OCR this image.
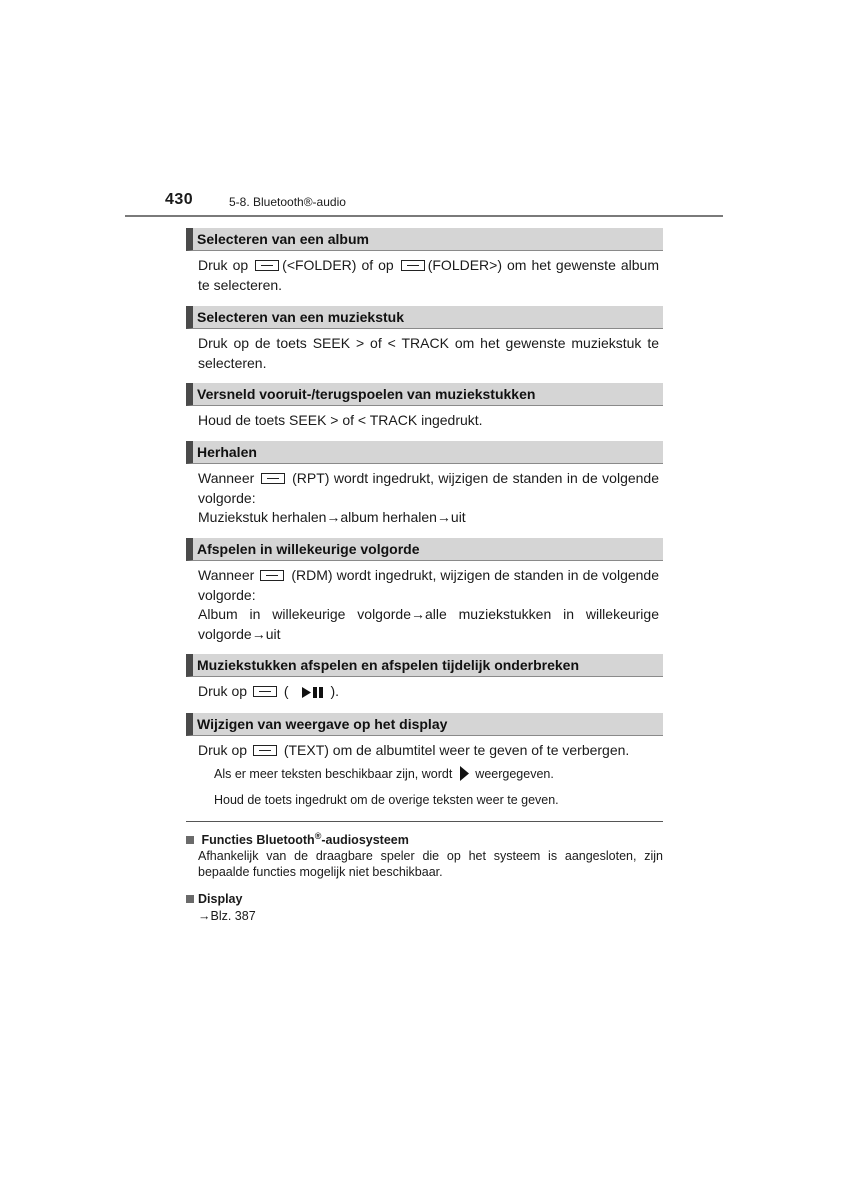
430	5-8. Bluetooth®-audio
Selecteren van een album

Druk op (<FOLDER) of op (FOLDER>) om het gewenste album te selecteren.

Selecteren van een muziekstuk

Druk op de toets SEEK > of < TRACK om het gewenste muziekstuk te selecteren.

Versneld vooruit-/terugspoelen van muziekstukken

Houd de toets SEEK > of < TRACK ingedrukt.

Herhalen

Wanneer	(RPT) wordt ingedrukt, wijzigen de standen in de volgende volgorde:

Muziekstuk herhalen→album herhalen→uit

Afspelen in willekeurige volgorde

Wanneer	(RDM) wordt ingedrukt, wijzigen de standen in de volgende volgorde:

Album in willekeurige volgorde→alle muziekstukken in willekeurige volgorde→uit

Muziekstukken afspelen en afspelen tijdelijk onderbreken

Druk op	(	).

Wijzigen van weergave op het display

Druk op	(TEXT) om de albumtitel weer te geven of te verbergen.

Als er meer teksten beschikbaar zijn, wordt weergegeven.

Houd de toets ingedrukt om de overige teksten weer te geven.

Functies Bluetooth®-audiosysteem
Afhankelijk van de draagbare speler die op het systeem is aangesloten, zijn bepaalde functies mogelijk niet beschikbaar.
Display
→Blz. 387
